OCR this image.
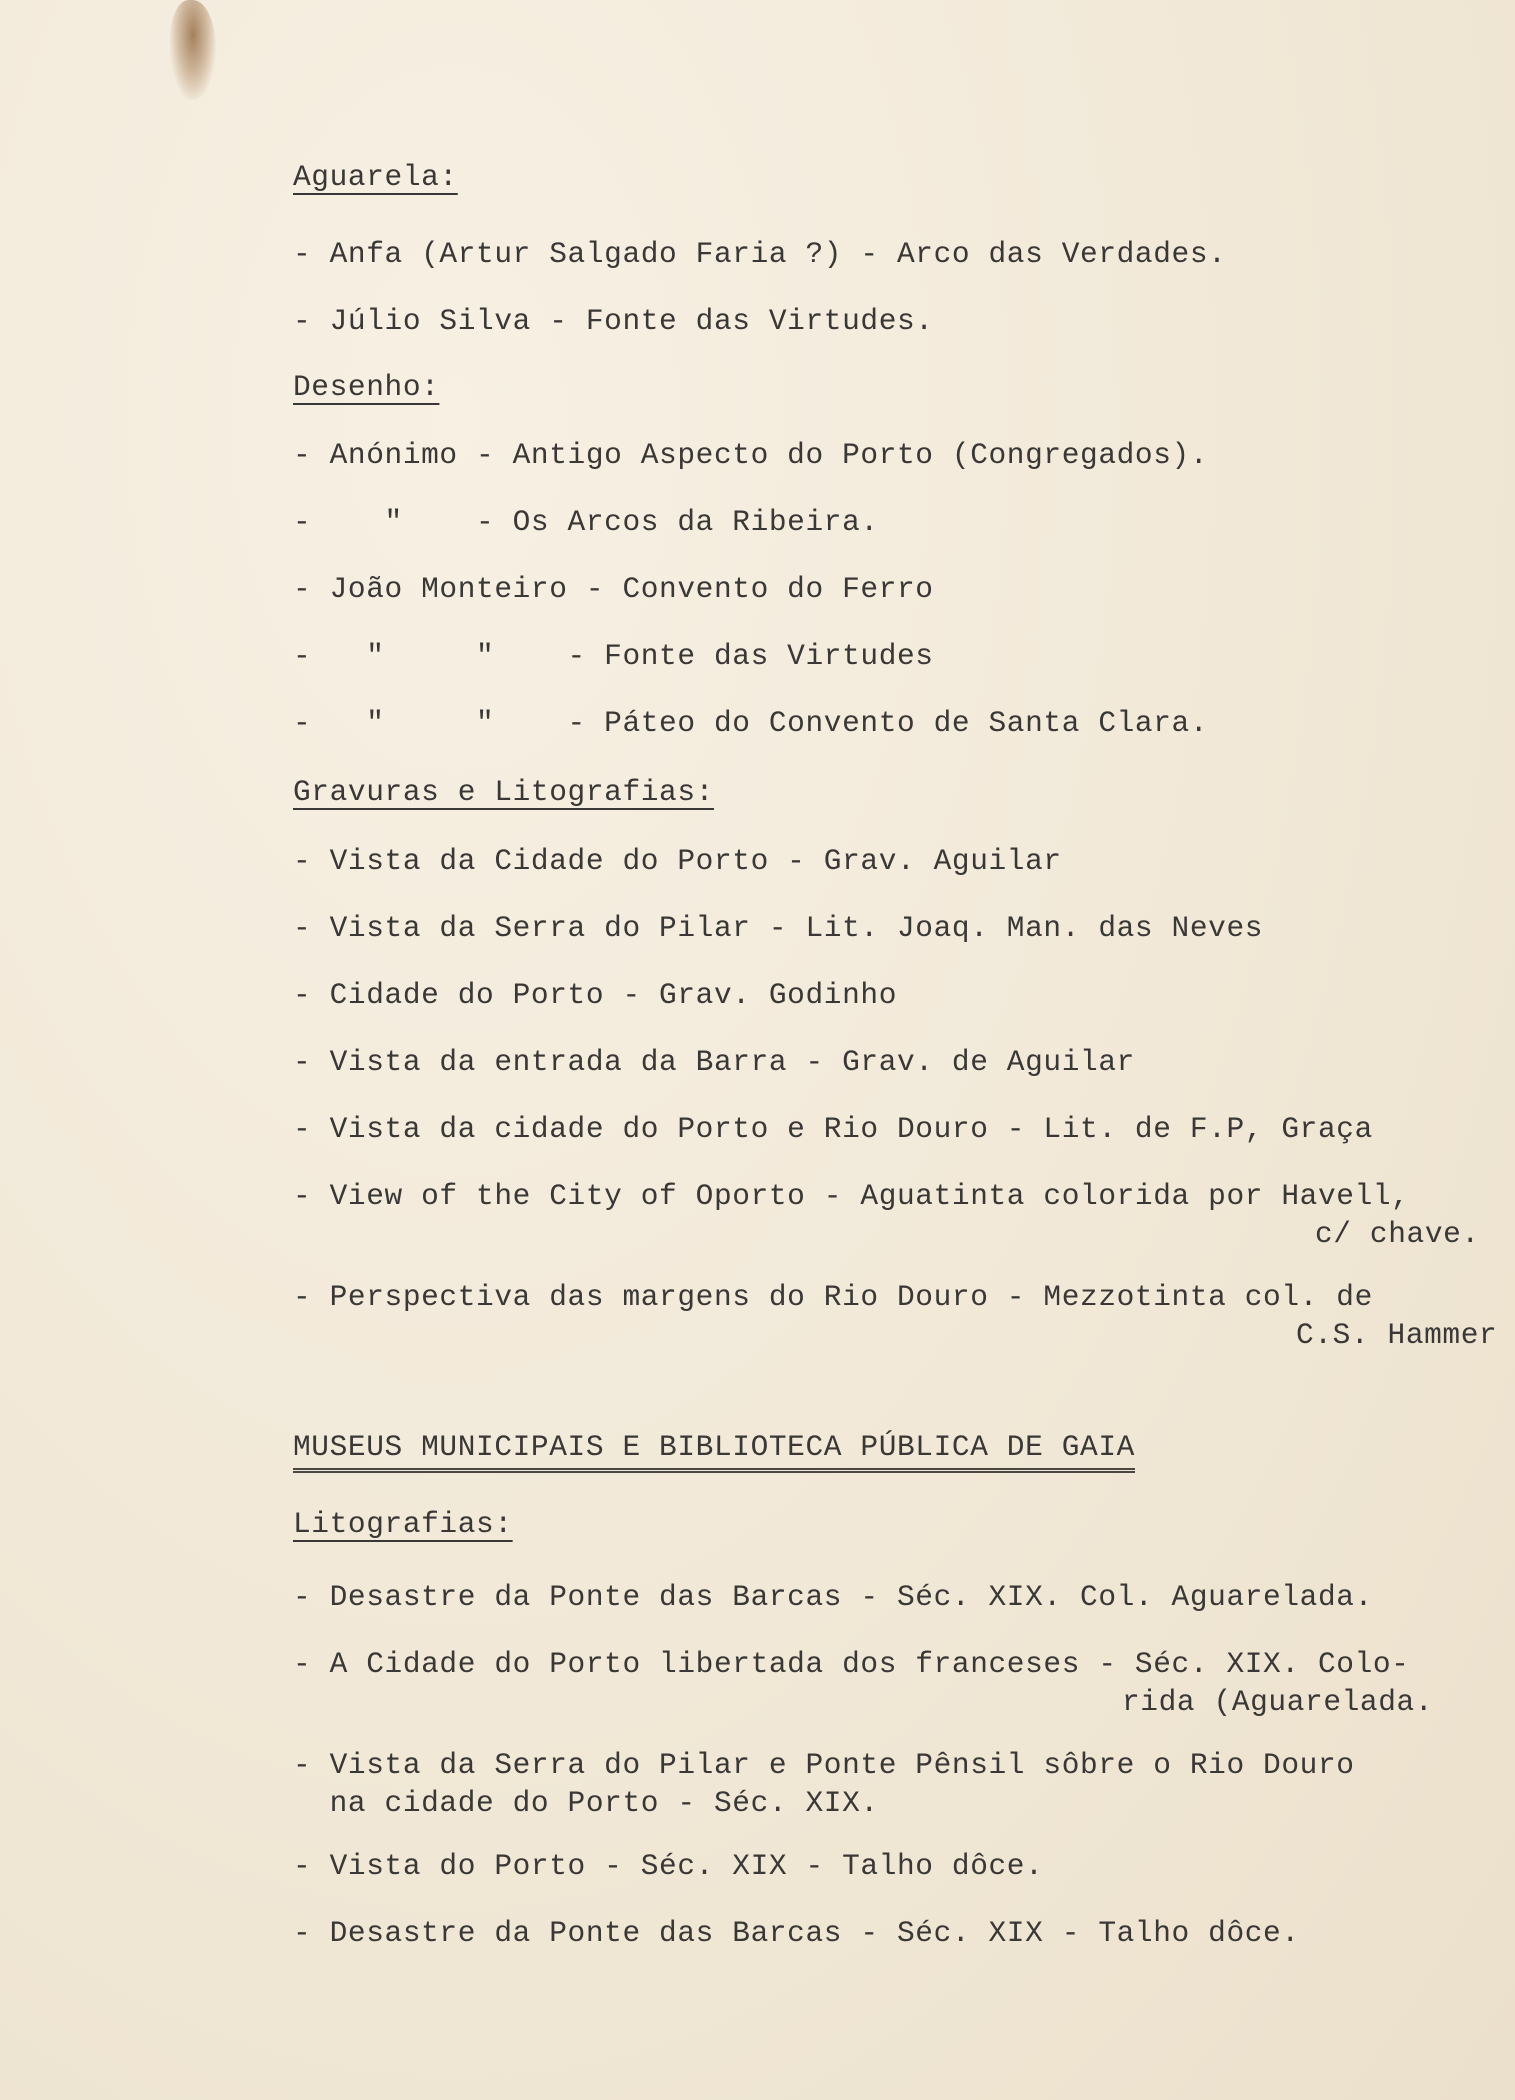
Aguarela:
- Anfa (Artur Salgado Faria ?) - Arco das Verdades.
- Júlio Silva - Fonte das Virtudes.
Desenho:
- Anónimo - Antigo Aspecto do Porto (Congregados).
-    "    - Os Arcos da Ribeira.
- João Monteiro - Convento do Ferro
-   "     "    - Fonte das Virtudes
-   "     "    - Páteo do Convento de Santa Clara.
Gravuras e Litografias:
- Vista da Cidade do Porto - Grav. Aguilar
- Vista da Serra do Pilar - Lit. Joaq. Man. das Neves
- Cidade do Porto - Grav. Godinho
- Vista da entrada da Barra - Grav. de Aguilar
- Vista da cidade do Porto e Rio Douro - Lit. de F.P, Graça
- View of the City of Oporto - Aguatinta colorida por Havell,
c/ chave.
- Perspectiva das margens do Rio Douro - Mezzotinta col. de
C.S. Hammer
MUSEUS MUNICIPAIS E BIBLIOTECA PÚBLICA DE GAIA
Litografias:
- Desastre da Ponte das Barcas - Séc. XIX. Col. Aguarelada.
- A Cidade do Porto libertada dos franceses - Séc. XIX. Colo-
rida (Aguarelada.
- Vista da Serra do Pilar e Ponte Pênsil sôbre o Rio Douro
na cidade do Porto - Séc. XIX.
- Vista do Porto - Séc. XIX - Talho dôce.
- Desastre da Ponte das Barcas - Séc. XIX - Talho dôce.
